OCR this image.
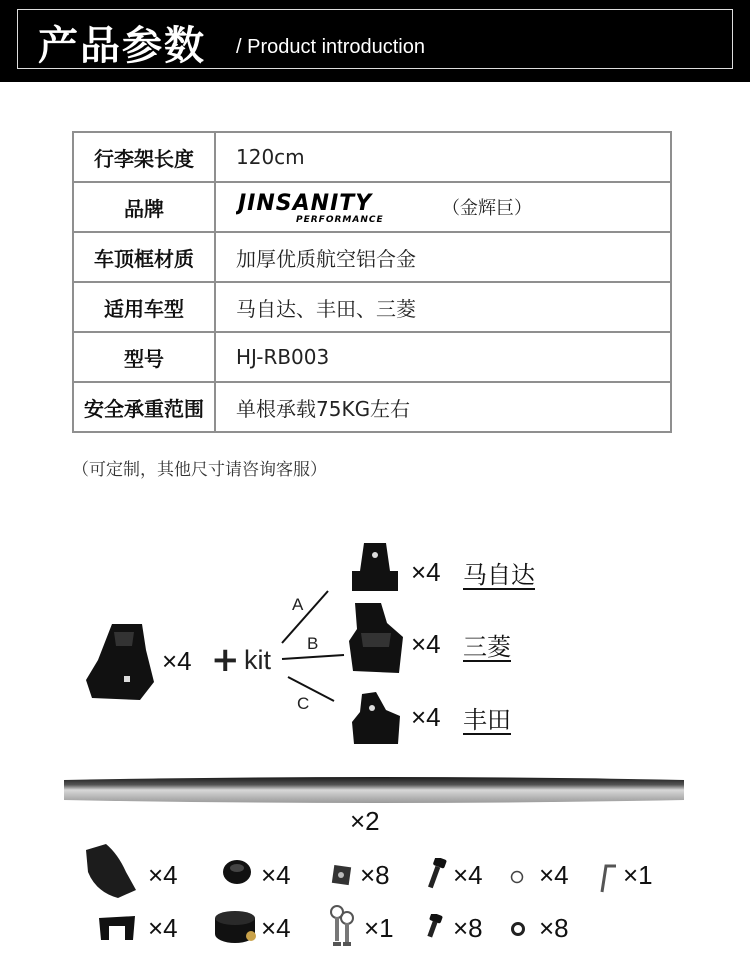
产品参数 / Product introduction
行李架长度	120cm
品牌	JINSANITY
PERFORMANCE
（金辉巨）

车顶框材质	加厚优质航空铝合金
适用车型	马自达、丰田、三菱
型号	HJ-RB003
安全承重范围	单根承载75KG左右
（可定制，其他尺寸请咨询客服）
×4 + kit
A
B
C
×4 马自达
×4 三菱
×4 丰田
×2
×4	×4	×8 ×4 ×4 ×1
×4	×4	×1 ×8 ×8
